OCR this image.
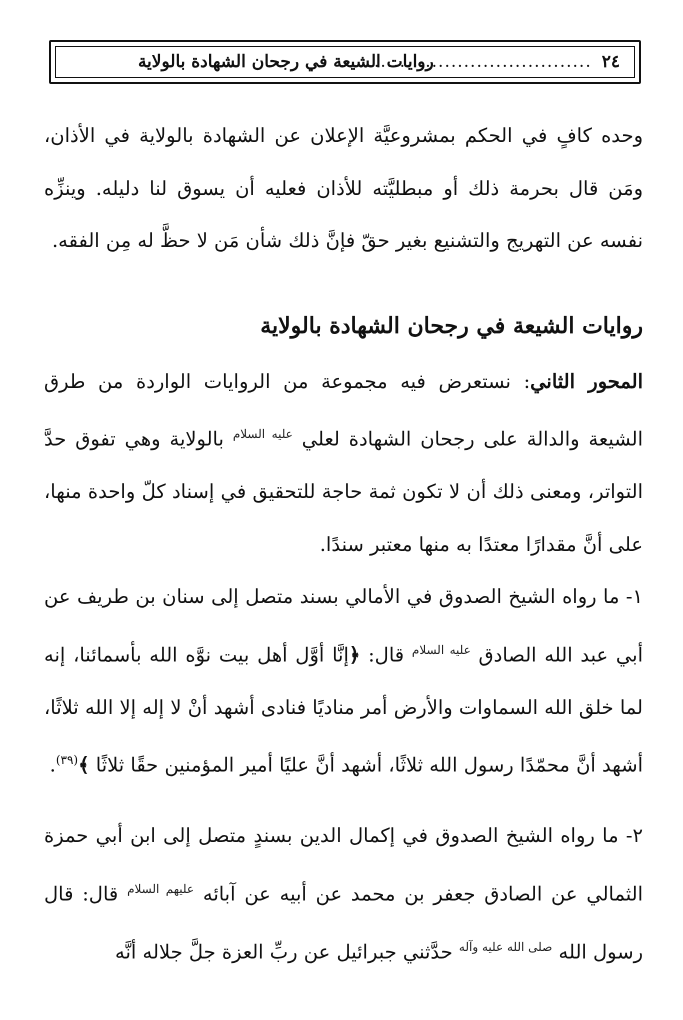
٢٤
..................................
روايات الشيعة في رجحان الشهادة بالولاية

وحده كافٍ في الحكم بمشروعيَّة الإعلان عن الشهادة بالولاية في الأذان، ومَن قال بحرمة ذلك أو مبطليَّته للأذان فعليه أن يسوق لنا دليله. وينزِّه نفسه عن التهريج والتشنيع بغير حقّ فإنَّ ذلك شأن مَن لا حظَّ له مِن الفقه.

روايات الشيعة في رجحان الشهادة بالولاية

المحور الثاني: نستعرض فيه مجموعة من الروايات الواردة من طرق الشيعة والدالة على رجحان الشهادة لعلي $^{عليه السلام}$ بالولاية وهي تفوق حدَّ التواتر، ومعنى ذلك أن لا تكون ثمة حاجة للتحقيق في إسناد كلّ واحدة منها، على أنَّ مقدارًا معتدًا به منها معتبر سندًا.

١- ما رواه الشيخ الصدوق في الأمالي بسند متصل إلى سنان بن طريف عن أبي عبد الله الصادق $^{عليه السلام}$ قال: ﴿إنَّا أوَّل أهل بيت نوَّه الله بأسمائنا، إنه لما خلق الله السماوات والأرض أمر مناديًا فنادى أشهد أنْ لا إله إلا الله ثلاثًا، أشهد أنَّ محمّدًا رسول الله ثلاثًا، أشهد أنَّ عليًا أمير المؤمنين حقًا ثلاثًا ﴾$^{(٣٩)}$.

٢- ما رواه الشيخ الصدوق في إكمال الدين بسندٍ متصل إلى ابن أبي حمزة الثمالي عن الصادق جعفر بن محمد عن أبيه عن آبائه $^{عليهم السلام}$ قال: قال رسول الله $^{صلى الله عليه وآله}$ حدَّثني جبرائيل عن ربِّ العزة جلَّ جلاله أنَّه
